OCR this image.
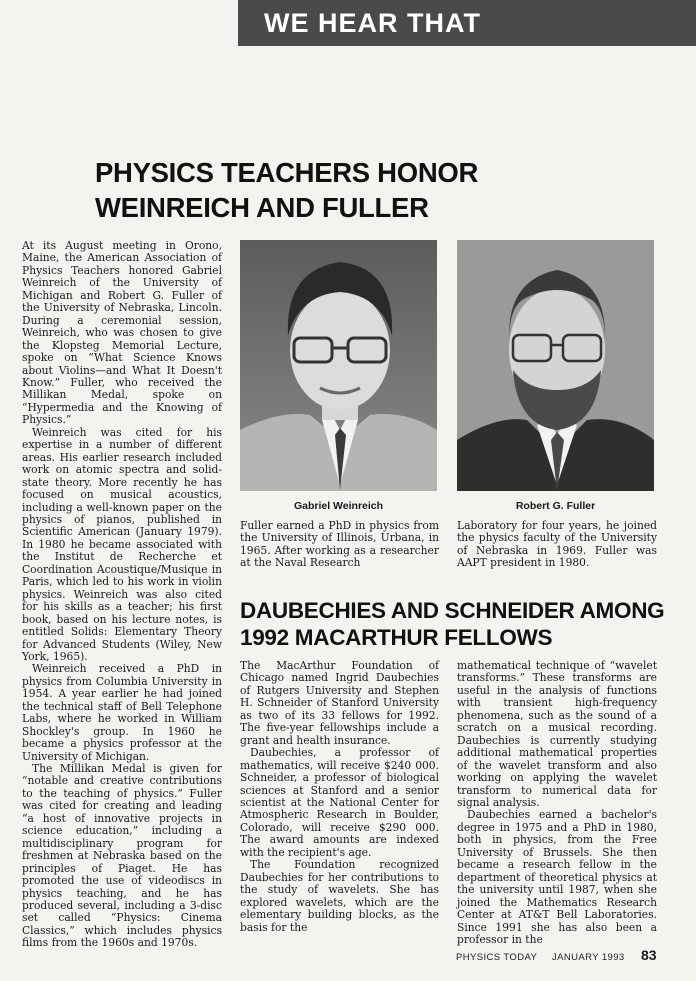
WE HEAR THAT
PHYSICS TEACHERS HONOR
WEINREICH AND FULLER

At its August meeting in Orono, Maine, the American Association of Physics Teachers honored Gabriel Weinreich of the University of Michigan and Robert G. Fuller of the University of Nebraska, Lincoln. During a ceremonial session, Weinreich, who was chosen to give the Klopsteg Memorial Lecture, spoke on “What Science Knows about Violins—and What It Doesn't Know.” Fuller, who received the Millikan Medal, spoke on “Hypermedia and the Knowing of Physics.”

Weinreich was cited for his expertise in a number of different areas. His earlier research included work on atomic spectra and solid-state theory. More recently he has focused on musical acoustics, including a well-known paper on the physics of pianos, published in Scientific American (January 1979). In 1980 he became associated with the Institut de Recherche et Coordination Acoustique/Musique in Paris, which led to his work in violin physics. Weinreich was also cited for his skills as a teacher; his first book, based on his lecture notes, is entitled Solids: Elementary Theory for Advanced Students (Wiley, New York, 1965).

Weinreich received a PhD in physics from Columbia University in 1954. A year earlier he had joined the technical staff of Bell Telephone Labs, where he worked in William Shockley's group. In 1960 he became a physics professor at the University of Michigan.

The Millikan Medal is given for “notable and creative contributions to the teaching of physics.” Fuller was cited for creating and leading “a host of innovative projects in science education,” including a multidisciplinary program for freshmen at Nebraska based on the principles of Piaget. He has promoted the use of videodiscs in physics teaching, and he has produced several, including a 3-disc set called “Physics: Cinema Classics,” which includes physics films from the 1960s and 1970s.

Gabriel Weinreich	Robert G. Fuller

Fuller earned a PhD in physics from the University of Illinois, Urbana, in 1965. After working as a researcher at the Naval Research

Laboratory for four years, he joined the physics faculty of the University of Nebraska in 1969. Fuller was AAPT president in 1980.

DAUBECHIES AND SCHNEIDER AMONG
1992 MACARTHUR FELLOWS

The MacArthur Foundation of Chicago named Ingrid Daubechies of Rutgers University and Stephen H. Schneider of Stanford University as two of its 33 fellows for 1992. The five-year fellowships include a grant and health insurance.

Daubechies, a professor of mathematics, will receive $240 000. Schneider, a professor of biological sciences at Stanford and a senior scientist at the National Center for Atmospheric Research in Boulder, Colorado, will receive $290 000. The award amounts are indexed with the recipient's age.

The Foundation recognized Daubechies for her contributions to the study of wavelets. She has explored wavelets, which are the elementary building blocks, as the basis for the

mathematical technique of “wavelet transforms.” These transforms are useful in the analysis of functions with transient high-frequency phenomena, such as the sound of a scratch on a musical recording. Daubechies is currently studying additional mathematical properties of the wavelet transform and also working on applying the wavelet transform to numerical data for signal analysis.

Daubechies earned a bachelor's degree in 1975 and a PhD in 1980, both in physics, from the Free University of Brussels. She then became a research fellow in the department of theoretical physics at the university until 1987, when she joined the Mathematics Research Center at AT&T Bell Laboratories. Since 1991 she has also been a professor in the

PHYSICS TODAY JANUARY 1993 83
